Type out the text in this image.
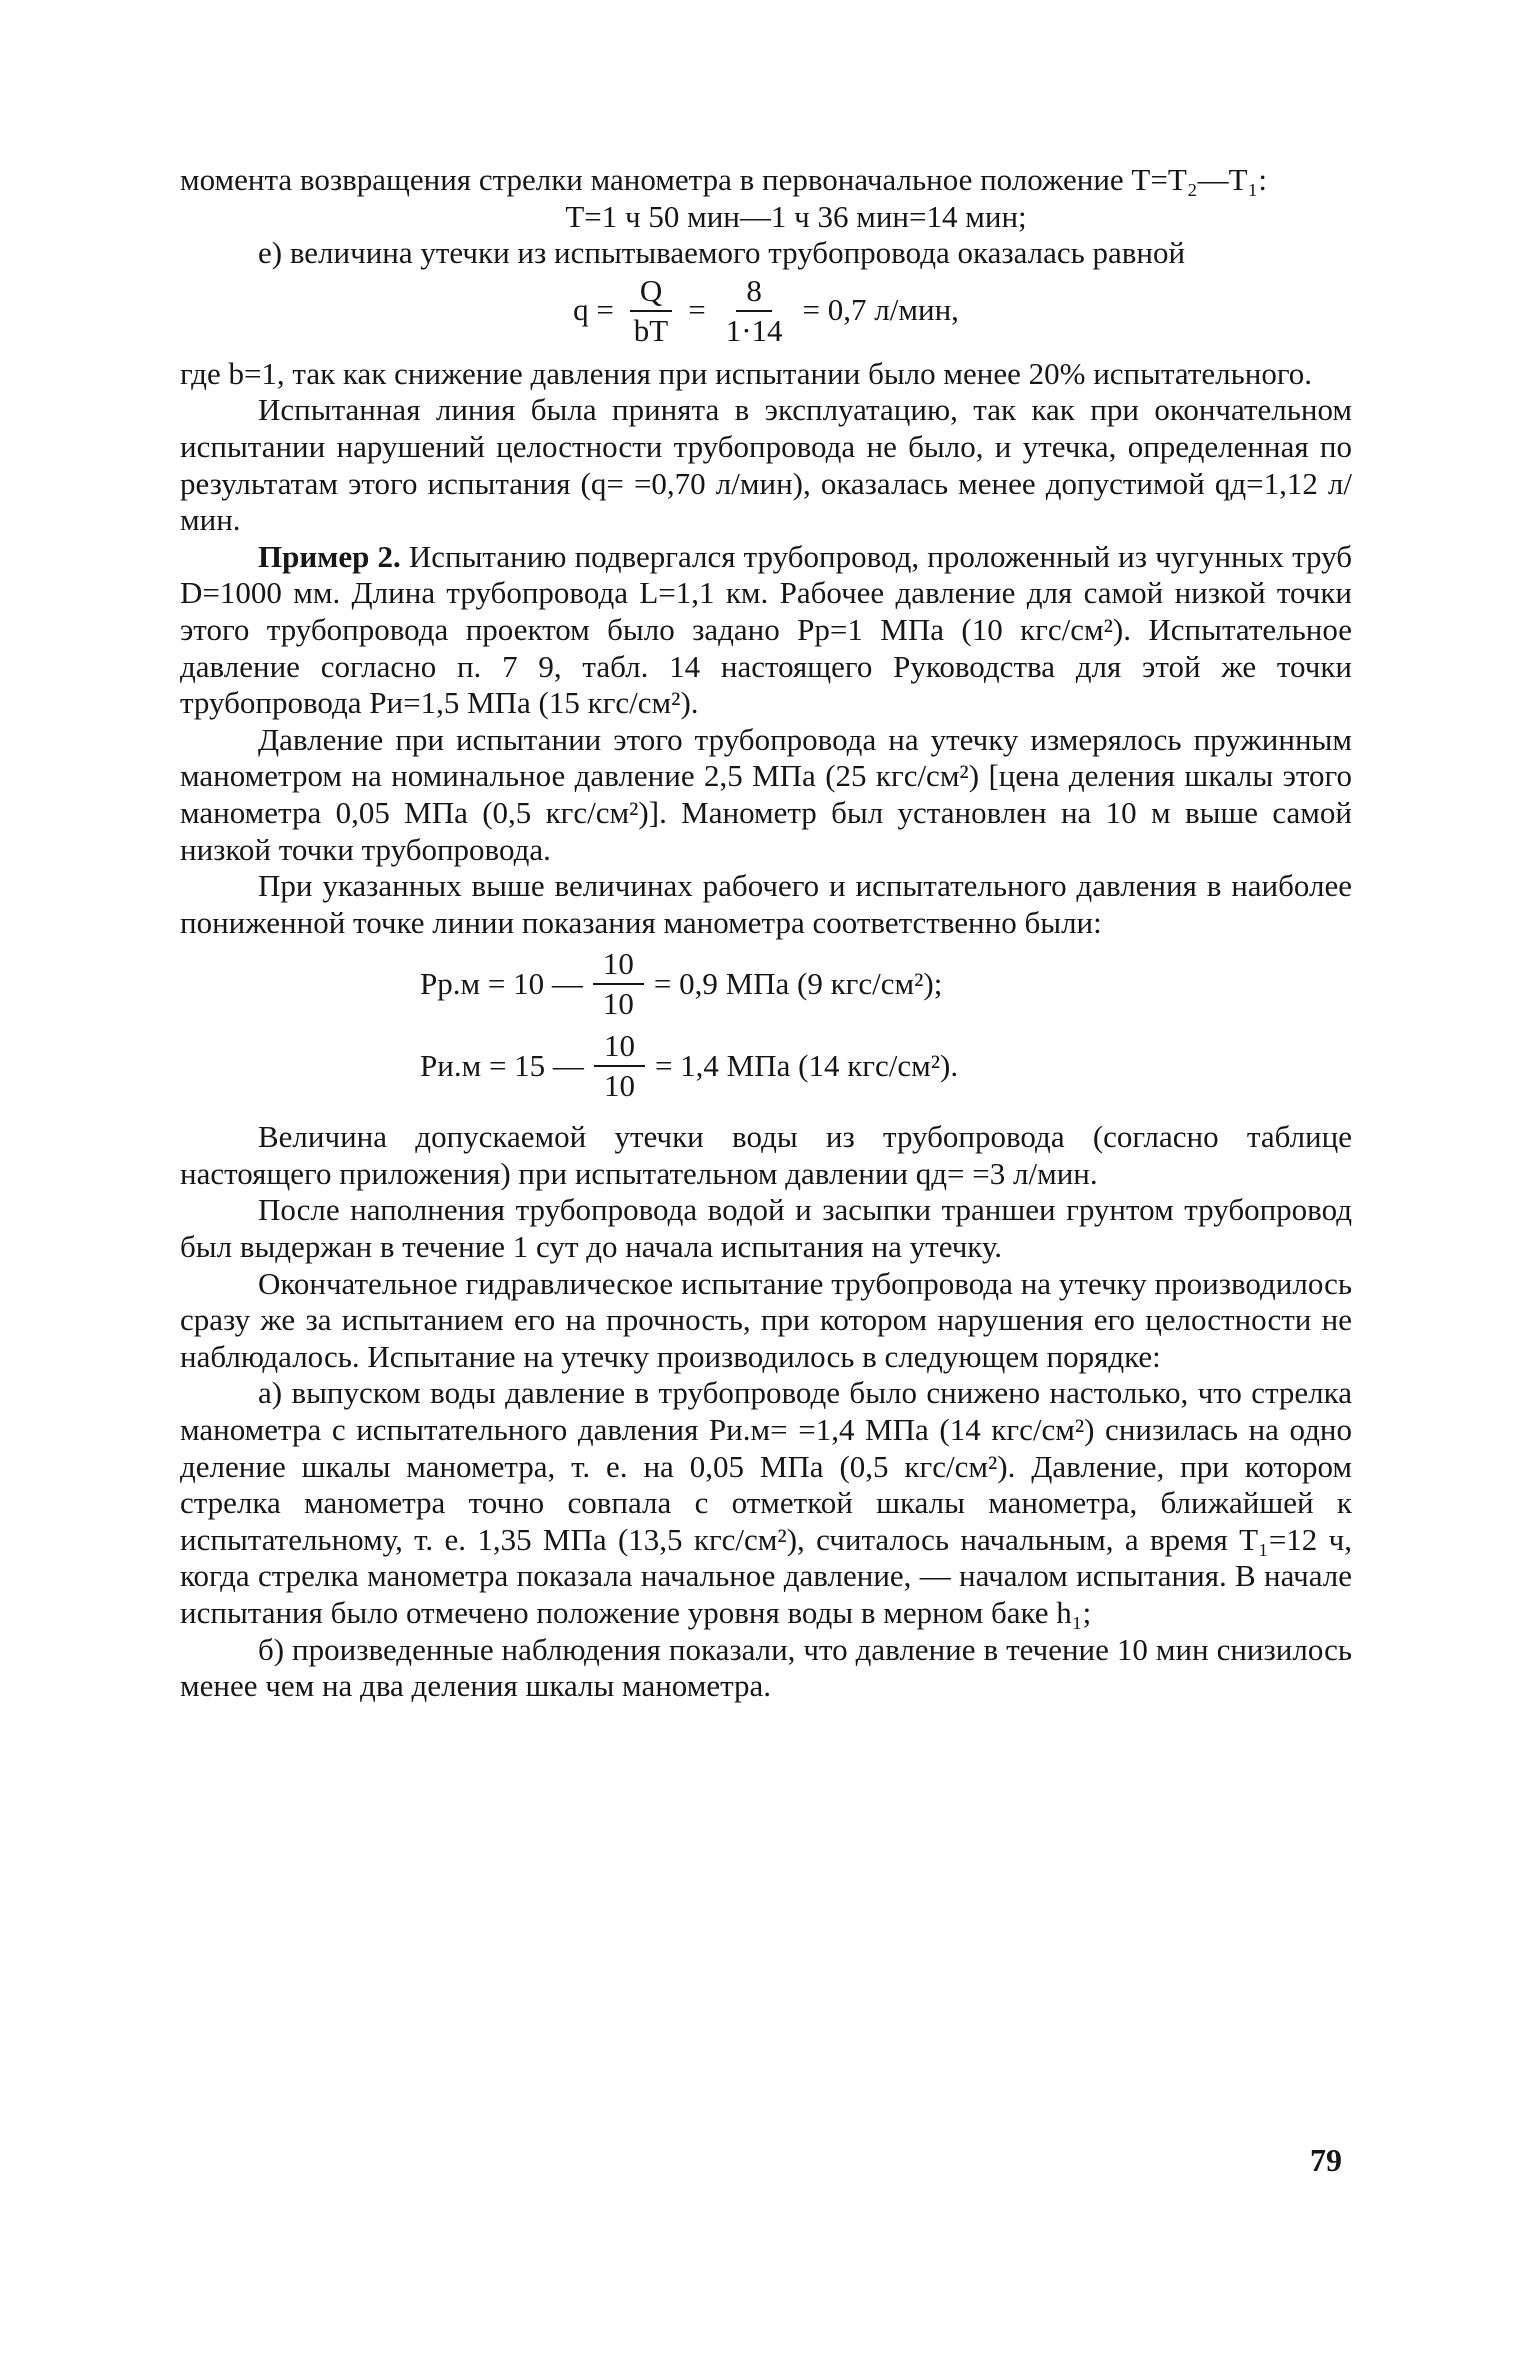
момента возвращения стрелки манометра в первоначальное положение T=T₂—T₁:

T=1 ч 50 мин—1 ч 36 мин=14 мин;

е) величина утечки из испытываемого трубопровода оказалась равной

$q = \frac{Q}{bT} = \frac{8}{1\cdot 14} = 0,7$ л/мин,

где b=1, так как снижение давления при испытании было менее 20% испытательного.

Испытанная линия была принята в эксплуатацию, так как при окончательном испытании нарушений целостности трубопровода не было, и утечка, определенная по результатам этого испытания (q= =0,70 л/мин), оказалась менее допустимой qд=1,12 л/мин.

Пример 2. Испытанию подвергался трубопровод, проложенный из чугунных труб D=1000 мм. Длина трубопровода L=1,1 км. Рабочее давление для самой низкой точки этого трубопровода проектом было задано Pр=1 МПа (10 кгс/см²). Испытательное давление согласно п. 7 9, табл. 14 настоящего Руководства для этой же точки трубопровода Pи=1,5 МПа (15 кгс/см²).

Давление при испытании этого трубопровода на утечку измерялось пружинным манометром на номинальное давление 2,5 МПа (25 кгс/см²) [цена деления шкалы этого манометра 0,05 МПа (0,5 кгс/см²)]. Манометр был установлен на 10 м выше самой низкой точки трубопровода.

При указанных выше величинах рабочего и испытательного давления в наиболее пониженной точке линии показания манометра соответственно были:

Pр.м = 10 — $\frac{10}{10} = 0,9$ МПа (9 кгс/см²);
Pи.м = 15 — $\frac{10}{10} = 1,4$ МПа (14 кгс/см²).

Величина допускаемой утечки воды из трубопровода (согласно таблице настоящего приложения) при испытательном давлении qд= =3 л/мин.

После наполнения трубопровода водой и засыпки траншеи грунтом трубопровод был выдержан в течение 1 сут до начала испытания на утечку.

Окончательное гидравлическое испытание трубопровода на утечку производилось сразу же за испытанием его на прочность, при котором нарушения его целостности не наблюдалось. Испытание на утечку производилось в следующем порядке:

а) выпуском воды давление в трубопроводе было снижено настолько, что стрелка манометра с испытательного давления Pи.м= =1,4 МПа (14 кгс/см²) снизилась на одно деление шкалы манометра, т. е. на 0,05 МПа (0,5 кгс/см²). Давление, при котором стрелка манометра точно совпала с отметкой шкалы манометра, ближайшей к испытательному, т. е. 1,35 МПа (13,5 кгс/см²), считалось начальным, а время T₁=12 ч, когда стрелка манометра показала начальное давление, — началом испытания. В начале испытания было отмечено положение уровня воды в мерном баке h₁;

б) произведенные наблюдения показали, что давление в течение 10 мин снизилось менее чем на два деления шкалы манометра.

79
